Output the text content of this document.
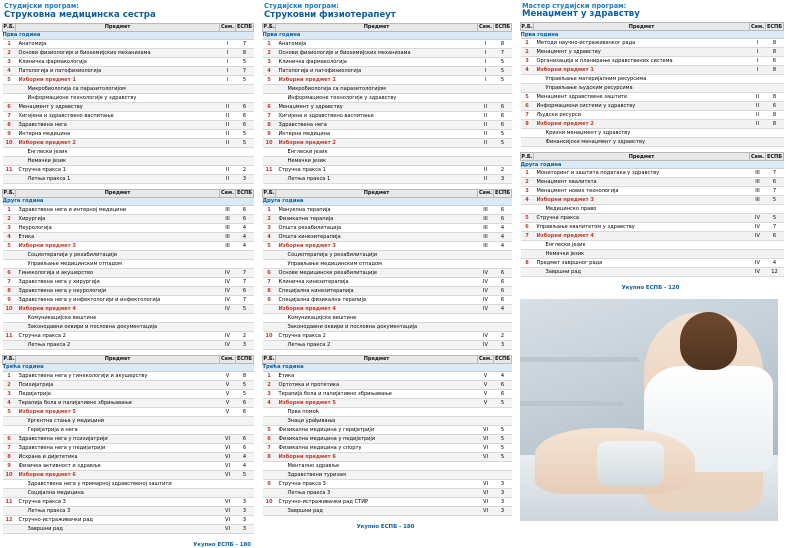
Студијски програм:
Струковна медицинска сестра
Р.Б.	Предмет	Сем.	ЕСПБ
Прва година			
1	Анатомија	I	7
2	Основи физиологије и биохемијских механизама	I	8
3	Клиничка фармакологија	I	5
4	Патологија и патофизиологија	I	7
5	Изборни предмет 1	I	5
	Микробиологија са паразитологијом		
	Информационе технологије у здравству		
6	Менаџмент у здравству	II	6
7	Хигијена и здравствено васпитање	II	6
8	Здравствена нега	II	6
9	Интерна медицина	II	5
10	Изборни предмет 2	II	5
	Енглески језик		
	Немачки језик		
11	Стручна пракса 1	II	2
	Летња пракса 1	II	3
Р.Б.	Предмет	Сем.	ЕСПБ
Друга година			
1	Здравствена нега и интерној медицини	III	6
2	Хирургија	III	6
3	Неурологија	III	4
4	Етика	III	4
5	Изборни предмет 3	III	4
	Социотерапија у рехабилитацији		
	Управљање медицинским отпадом		
6	Гинекологија и акушерство	IV	7
7	Здравствена нега у хирургији	IV	7
8	Здравствена нега у неурологији	IV	6
9	Здравствена нега у инфектологији и инфектологија	IV	7
10	Изборни предмет 4	IV	5
	Комуникацијске вештине		
	Законодавни оквири и пословна документација		
11	Стручна пракса 2	IV	2
	Летња пракса 2	IV	3
Р.Б.	Предмет	Сем.	ЕСПБ
Трећа година			
1	Здравствена нега у гинекологији и акушерству	V	8
2	Психијатрија	V	5
3	Педијатрија	V	5
4	Терапија бола и палијативно збрињавање	V	6
5	Изборни предмет 5	V	6
	Ургентна стања у медицини		
	Геријатрија и нега		
6	Здравствена нега у психијатрији	VI	6
7	Здравствена нега у педијатрији	VI	6
8	Исхрана и дијететика	VI	4
9	Физичка активност и здравље	VI	4
10	Изборни предмет 6	VI	5
	Здравствена нега у примарној здравственој заштити		
	Социјална медицина		
11	Стручна пракса 3	VI	3
	Летња пракса 3	VI	3
12	Стручно-истраживачки рад	VI	3
	Завршни рад	VI	3
Укупно ЕСПБ - 180
Студијски програм:
Струковни физиотерапеут
Р.Б.	Предмет	Сем.	ЕСПБ
Прва година			
1	Анатомија	I	8
2	Основи физиологије и биохемијских механизама	I	7
3	Клиничка фармакологија	I	5
4	Патологија и патофизиологија	I	5
5	Изборни предмет 1	I	5
	Микробиологија са паразитологијом		
	Информационе технологије у здравству		
6	Менаџмент у здравству	II	6
7	Хигијена и здравствено васпитање	II	6
8	Здравствена нега	II	6
9	Интерна медицина	II	5
10	Изборни предмет 2	II	5
	Енглески језик		
	Немачки језик		
11	Стручна пракса 1	II	2
	Летња пракса 1	II	3
Р.Б.	Предмет	Сем.	ЕСПБ
Друга година			
1	Мануелна терапија	III	6
2	Физикална терапија	III	6
3	Општа рехабилитација	III	4
4	Општа кинезитерапија	III	4
5	Изборни предмет 3	III	4
	Социотерапија у рехабилитацији		
	Управљање медицинским отпадом		
6	Основе медицинске рехабилитације	IV	6
7	Клиничка кинезитерапија	IV	6
8	Специјална кинезитерапија	IV	6
9	Специјална физикална терапија	IV	6
	Изборни предмет 4	IV	4
	Комуникацијске вештине		
	Законодавни оквири и пословна документација		
10	Стручна пракса 2	IV	2
	Летња пракса 2	IV	3
Р.Б.	Предмет	Сем.	ЕСПБ
Трећа година			
1	Етика	V	4
2	Ортотика и протетика	V	6
3	Терапија бола и палијативно збрињавање	V	6
4	Изборни предмет 5	V	5
	Прва помоћ		
	Знаци урађивања		
5	Физикална медицина у геријатрији	VI	5
6	Физикална медицина у педијатрији	VI	5
7	Физикална медицина у спорту	VI	5
8	Изборни предмет 6	VI	5
	Ментално здравље		
	Здравствени туризам		
9	Стручна пракса 3	VI	3
	Летња пракса 3	VI	3
10	Стручно-истраживачки рад СТИР	VI	3
	Завршни рад	VI	3
Укупно ЕСПБ - 180
Мастер студијски програм:
Менаџмент у здравству
Р.Б.	Предмет	Сем.	ЕСПБ
Прва година			
1	Методи научно-истраживачког рада	I	8
2	Менаџмент у здравству	I	8
3	Организација и планирање здравствених система	I	6
4	Изборни предмет 1	I	8
	Управљање материјалним ресурсима		
	Управљање људским ресурсима		
5	Менаџмент здравствене заштите	II	8
6	Информациони системи у здравству	II	6
7	Људски ресурси	II	8
8	Изборни предмет 2	II	8
	Кризни менаџмент у здравству		
	Финансијски менаџмент у здравству		
Р.Б.	Предмет	Сем.	ЕСПБ
Друга година			
1	Мониторинг и заштита података у здравству	III	7
2	Менаџмент квалитета	III	6
3	Менаџмент нових технологија	III	7
4	Изборни предмет 3	III	5
	Медицинско право		
5	Стручна пракса	IV	5
6	Управљање квалитетом у здравству	IV	7
7	Изборни предмет 4	IV	6
	Енглески језик		
	Немачки језик		
8	Предмет завршног рада	IV	4
	Завршни рад	IV	12
Укупно ЕСПБ - 120
